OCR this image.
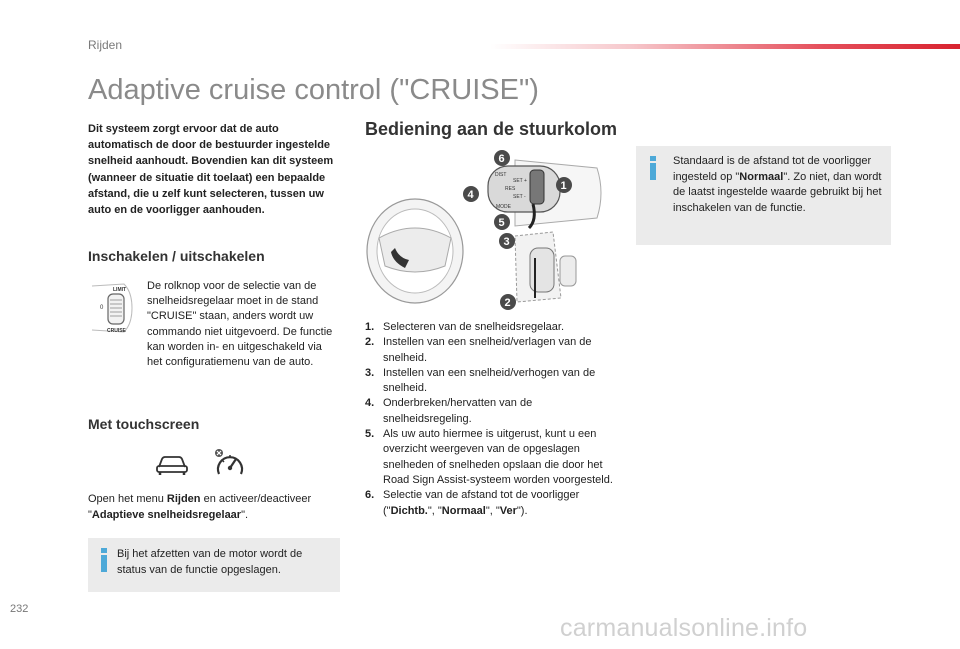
Rijden
Adaptive cruise control ("CRUISE")

Dit systeem zorgt ervoor dat de auto automatisch de door de bestuurder ingestelde snelheid aanhoudt. Bovendien kan dit systeem (wanneer de situatie dit toelaat) een bepaalde afstand, die u zelf kunt selecteren, tussen uw auto en de voorligger aanhouden.

Inschakelen / uitschakelen
LIMIT
0
CRUISE

De rolknop voor de selectie van de snelheidsregelaar moet in de stand "CRUISE" staan, anders wordt uw commando niet uitgevoerd. De functie kan worden in- en uitgeschakeld via het configuratiemenu van de auto.

Met touchscreen

Open het menu Rijden en activeer/deactiveer "Adaptieve snelheidsregelaar".

Bij het afzetten van de motor wordt de status van de functie opgeslagen.

Bediening aan de stuurkolom
DIST
SET +
SET -
RES
MODE
6
4
1
5
3
2
1. Selecteren van de snelheidsregelaar.
2. Instellen van een snelheid/verlagen van de snelheid.
3. Instellen van een snelheid/verhogen van de snelheid.
4. Onderbreken/hervatten van de snelheidsregeling.
5. Als uw auto hiermee is uitgerust, kunt u een overzicht weergeven van de opgeslagen snelheden of snelheden opslaan die door het Road Sign Assist-systeem worden voorgesteld.
6. Selectie van de afstand tot de voorligger ("Dichtb.", "Normaal", "Ver").

Standaard is de afstand tot de voorligger ingesteld op "Normaal". Zo niet, dan wordt de laatst ingestelde waarde gebruikt bij het inschakelen van de functie.

232
carmanualsonline.info
